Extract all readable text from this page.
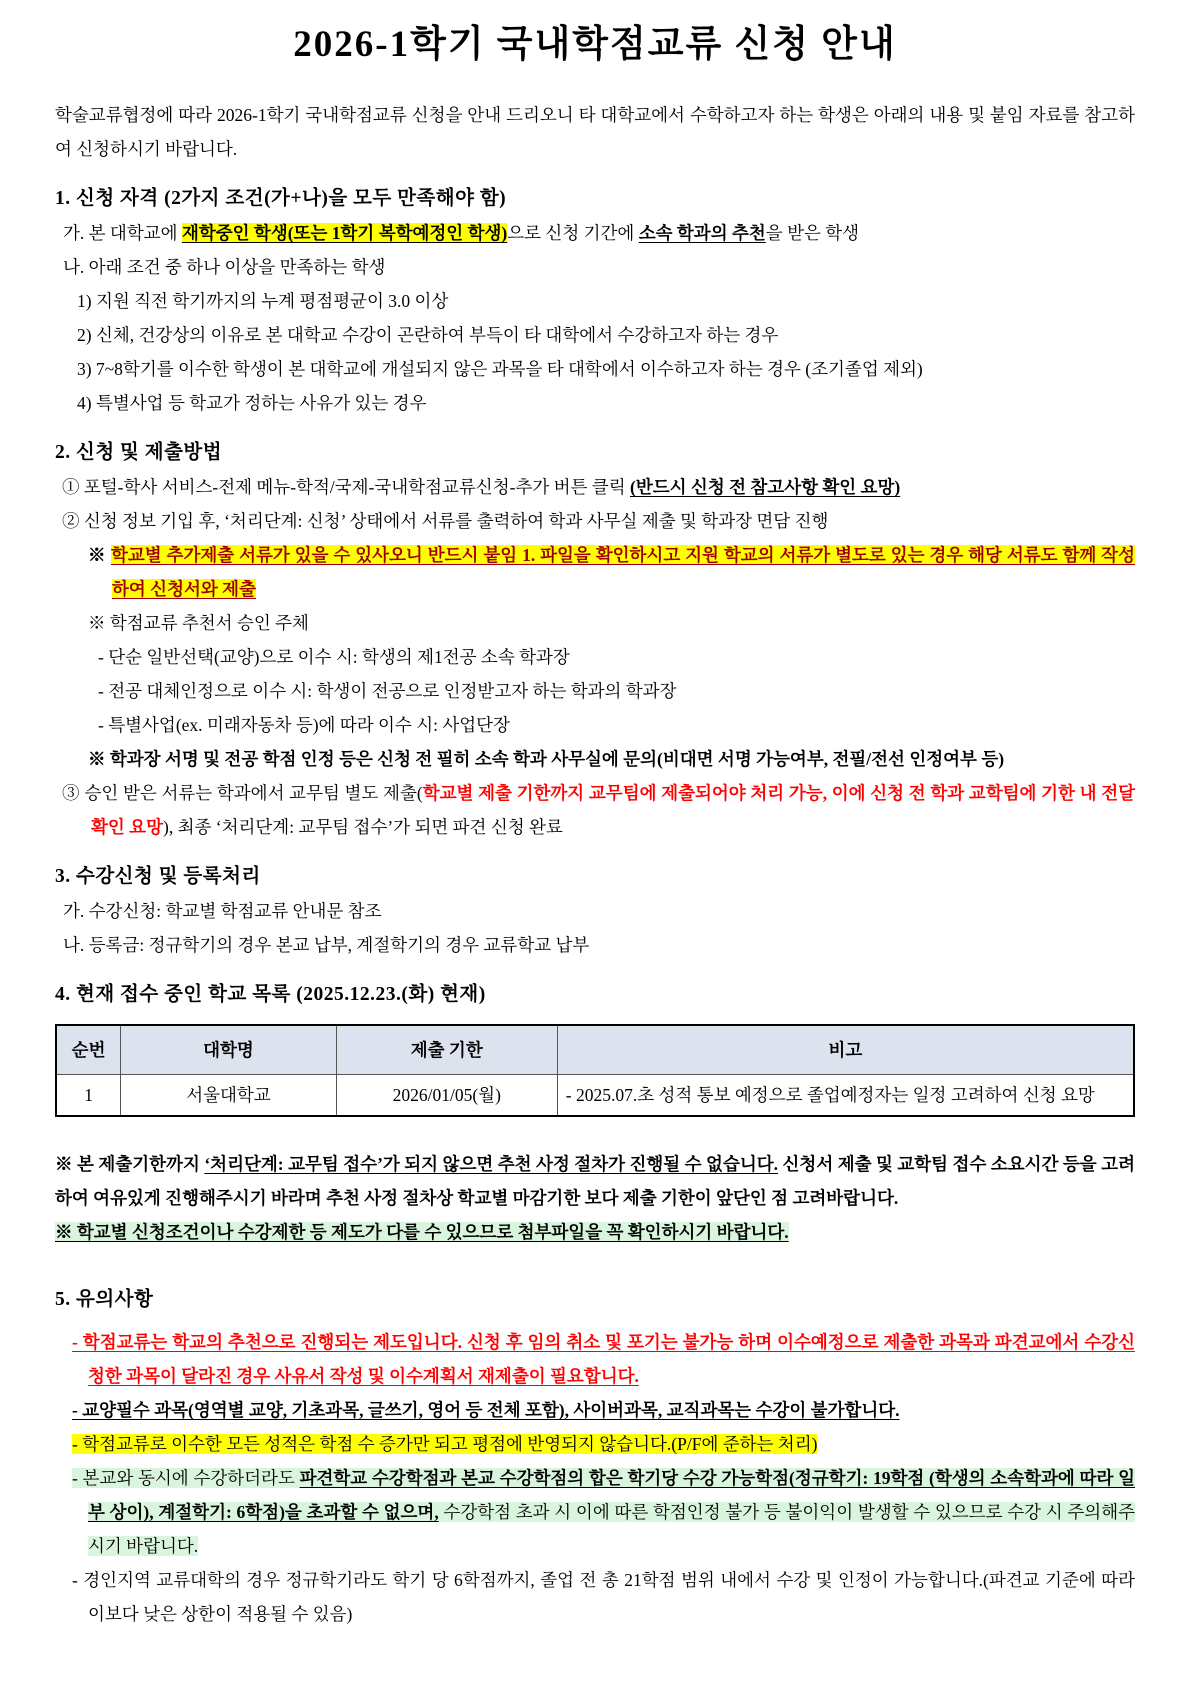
2026-1학기 국내학점교류 신청 안내

학술교류협정에 따라 2026-1학기 국내학점교류 신청을 안내 드리오니 타 대학교에서 수학하고자 하는 학생은 아래의 내용 및 붙임 자료를 참고하여 신청하시기 바랍니다.

1. 신청 자격 (2가지 조건(가+나)을 모두 만족해야 함)

가. 본 대학교에 재학중인 학생(또는 1학기 복학예정인 학생)으로 신청 기간에 소속 학과의 추천을 받은 학생

나. 아래 조건 중 하나 이상을 만족하는 학생

1) 지원 직전 학기까지의 누계 평점평균이 3.0 이상

2) 신체, 건강상의 이유로 본 대학교 수강이 곤란하여 부득이 타 대학에서 수강하고자 하는 경우

3) 7~8학기를 이수한 학생이 본 대학교에 개설되지 않은 과목을 타 대학에서 이수하고자 하는 경우 (조기졸업 제외)

4) 특별사업 등 학교가 정하는 사유가 있는 경우

2. 신청 및 제출방법

① 포털-학사 서비스-전제 메뉴-학적/국제-국내학점교류신청-추가 버튼 클릭 (반드시 신청 전 참고사항 확인 요망)

② 신청 정보 기입 후, ‘처리단계: 신청’ 상태에서 서류를 출력하여 학과 사무실 제출 및 학과장 면담 진행

※ 학교별 추가제출 서류가 있을 수 있사오니 반드시 붙임 1. 파일을 확인하시고 지원 학교의 서류가 별도로 있는 경우 해당 서류도 함께 작성하여 신청서와 제출

※ 학점교류 추천서 승인 주체

- 단순 일반선택(교양)으로 이수 시: 학생의 제1전공 소속 학과장

- 전공 대체인정으로 이수 시: 학생이 전공으로 인정받고자 하는 학과의 학과장

- 특별사업(ex. 미래자동차 등)에 따라 이수 시: 사업단장

※ 학과장 서명 및 전공 학점 인정 등은 신청 전 필히 소속 학과 사무실에 문의(비대면 서명 가능여부, 전필/전선 인정여부 등)

③ 승인 받은 서류는 학과에서 교무팀 별도 제출(학교별 제출 기한까지 교무팀에 제출되어야 처리 가능, 이에 신청 전 학과 교학팀에 기한 내 전달 확인 요망), 최종 ‘처리단계: 교무팀 접수’가 되면 파견 신청 완료

3. 수강신청 및 등록처리

가. 수강신청: 학교별 학점교류 안내문 참조

나. 등록금: 정규학기의 경우 본교 납부, 계절학기의 경우 교류학교 납부

4. 현재 접수 중인 학교 목록 (2025.12.23.(화) 현재)
순번	대학명	제출 기한	비고
1	서울대학교	2026/01/05(월)	- 2025.07.초 성적 통보 예정으로 졸업예정자는 일정 고려하여 신청 요망

※ 본 제출기한까지 ‘처리단계: 교무팀 접수’가 되지 않으면 추천 사정 절차가 진행될 수 없습니다. 신청서 제출 및 교학팀 접수 소요시간 등을 고려하여 여유있게 진행해주시기 바라며 추천 사정 절차상 학교별 마감기한 보다 제출 기한이 앞단인 점 고려바랍니다.

※ 학교별 신청조건이나 수강제한 등 제도가 다를 수 있으므로 첨부파일을 꼭 확인하시기 바랍니다.

5. 유의사항

- 학점교류는 학교의 추천으로 진행되는 제도입니다. 신청 후 임의 취소 및 포기는 불가능 하며 이수예정으로 제출한 과목과 파견교에서 수강신청한 과목이 달라진 경우 사유서 작성 및 이수계획서 재제출이 필요합니다.

- 교양필수 과목(영역별 교양, 기초과목, 글쓰기, 영어 등 전체 포함), 사이버과목, 교직과목는 수강이 불가합니다.

- 학점교류로 이수한 모든 성적은 학점 수 증가만 되고 평점에 반영되지 않습니다.(P/F에 준하는 처리)

- 본교와 동시에 수강하더라도 파견학교 수강학점과 본교 수강학점의 합은 학기당 수강 가능학점(정규학기: 19학점 (학생의 소속학과에 따라 일부 상이), 계절학기: 6학점)을 초과할 수 없으며, 수강학점 초과 시 이에 따른 학점인정 불가 등 불이익이 발생할 수 있으므로 수강 시 주의해주시기 바랍니다.

- 경인지역 교류대학의 경우 정규학기라도 학기 당 6학점까지, 졸업 전 총 21학점 범위 내에서 수강 및 인정이 가능합니다.(파견교 기준에 따라 이보다 낮은 상한이 적용될 수 있음)
